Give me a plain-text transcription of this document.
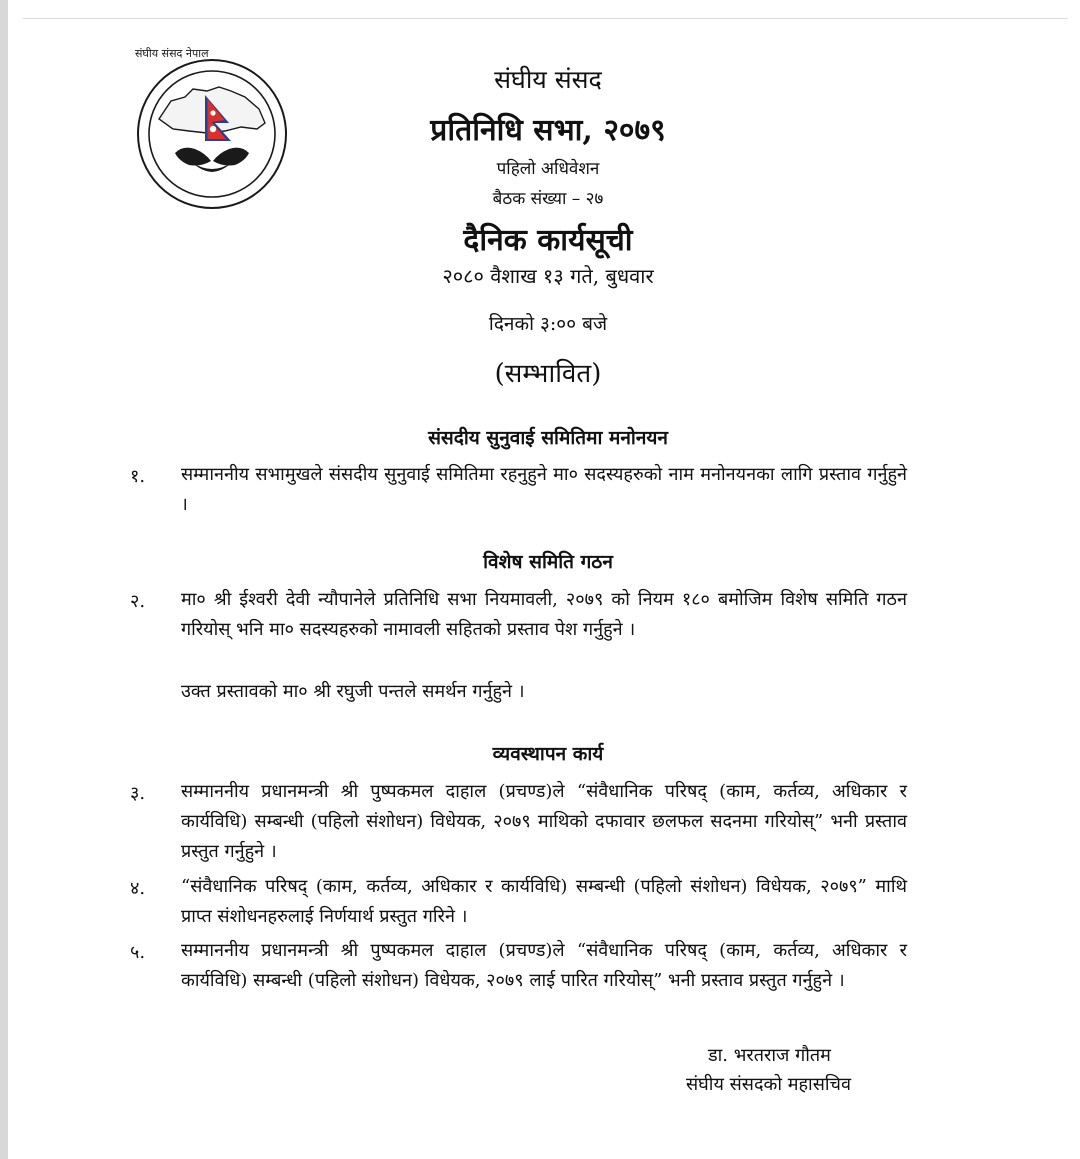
संघीय संसद नेपाल
संघीय संसद
प्रतिनिधि सभा, २०७९
पहिलो अधिवेशन
बैठक संख्या – २७
दैनिक कार्यसूची
२०८० वैशाख १३ गते, बुधवार
दिनको ३:०० बजे
(सम्भावित)
संसदीय सुनुवाई समितिमा मनोनयन
१. सम्माननीय सभामुखले संसदीय सुनुवाई समितिमा रहनुहुने मा० सदस्यहरुको नाम मनोनयनका लागि प्रस्ताव गर्नुहुने ।
विशेष समिति गठन
२. मा० श्री ईश्वरी देवी न्यौपानेले प्रतिनिधि सभा नियमावली, २०७९ को नियम १८० बमोजिम विशेष समिति गठन गरियोस् भनि मा० सदस्यहरुको नामावली सहितको प्रस्ताव पेश गर्नुहुने ।
उक्त प्रस्तावको मा० श्री रघुजी पन्तले समर्थन गर्नुहुने ।
व्यवस्थापन कार्य
३. सम्माननीय प्रधानमन्त्री श्री पुष्पकमल दाहाल (प्रचण्ड)ले “संवैधानिक परिषद् (काम, कर्तव्य, अधिकार र कार्यविधि) सम्बन्धी (पहिलो संशोधन) विधेयक, २०७९ माथिको दफावार छलफल सदनमा गरियोस्” भनी प्रस्ताव प्रस्तुत गर्नुहुने ।
४. “संवैधानिक परिषद् (काम, कर्तव्य, अधिकार र कार्यविधि) सम्बन्धी (पहिलो संशोधन) विधेयक, २०७९” माथि प्राप्त संशोधनहरुलाई निर्णयार्थ प्रस्तुत गरिने ।
५. सम्माननीय प्रधानमन्त्री श्री पुष्पकमल दाहाल (प्रचण्ड)ले “संवैधानिक परिषद् (काम, कर्तव्य, अधिकार र कार्यविधि) सम्बन्धी (पहिलो संशोधन) विधेयक, २०७९ लाई पारित गरियोस्” भनी प्रस्ताव प्रस्तुत गर्नुहुने ।
डा. भरतराज गौतम
संघीय संसदको महासचिव
